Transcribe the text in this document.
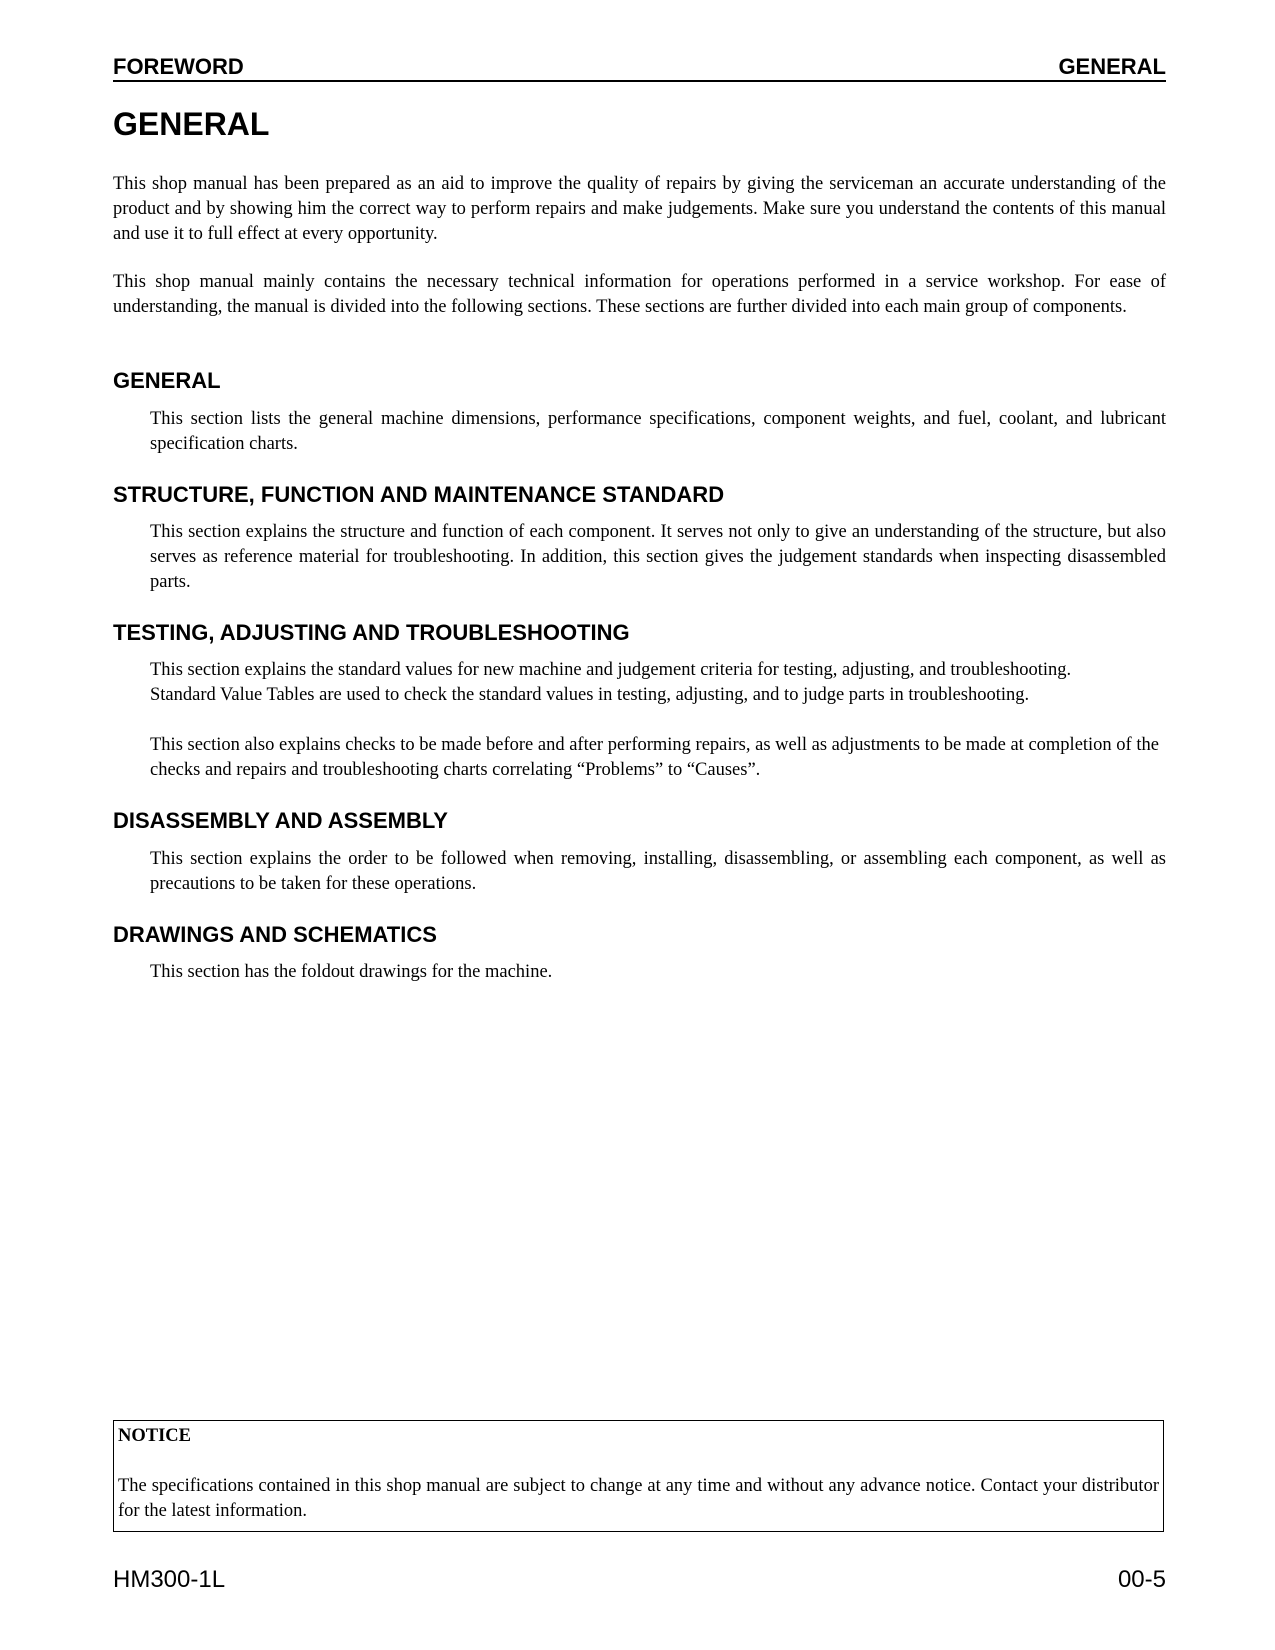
FOREWORD	GENERAL
GENERAL

This shop manual has been prepared as an aid to improve the quality of repairs by giving the serviceman an accurate understanding of the product and by showing him the correct way to perform repairs and make judgements. Make sure you understand the contents of this manual and use it to full effect at every opportunity.

This shop manual mainly contains the necessary technical information for operations performed in a service workshop. For ease of understanding, the manual is divided into the following sections. These sections are further divided into each main group of components.

GENERAL

This section lists the general machine dimensions, performance specifications, component weights, and fuel, coolant, and lubricant specification charts.

STRUCTURE, FUNCTION AND MAINTENANCE STANDARD

This section explains the structure and function of each component. It serves not only to give an understanding of the structure, but also serves as reference material for troubleshooting. In addition, this section gives the judgement standards when inspecting disassembled parts.

TESTING, ADJUSTING AND TROUBLESHOOTING

This section explains the standard values for new machine and judgement criteria for testing, adjusting, and troubleshooting. Standard Value Tables are used to check the standard values in testing, adjusting, and to judge parts in troubleshooting.

This section also explains checks to be made before and after performing repairs, as well as adjustments to be made at completion of the checks and repairs and troubleshooting charts correlating “Problems” to “Causes”.

DISASSEMBLY AND ASSEMBLY

This section explains the order to be followed when removing, installing, disassembling, or assembling each component, as well as precautions to be taken for these operations.

DRAWINGS AND SCHEMATICS

This section has the foldout drawings for the machine.

NOTICE

The specifications contained in this shop manual are subject to change at any time and without any advance notice. Contact your distributor for the latest information.

HM300-1L	00-5
